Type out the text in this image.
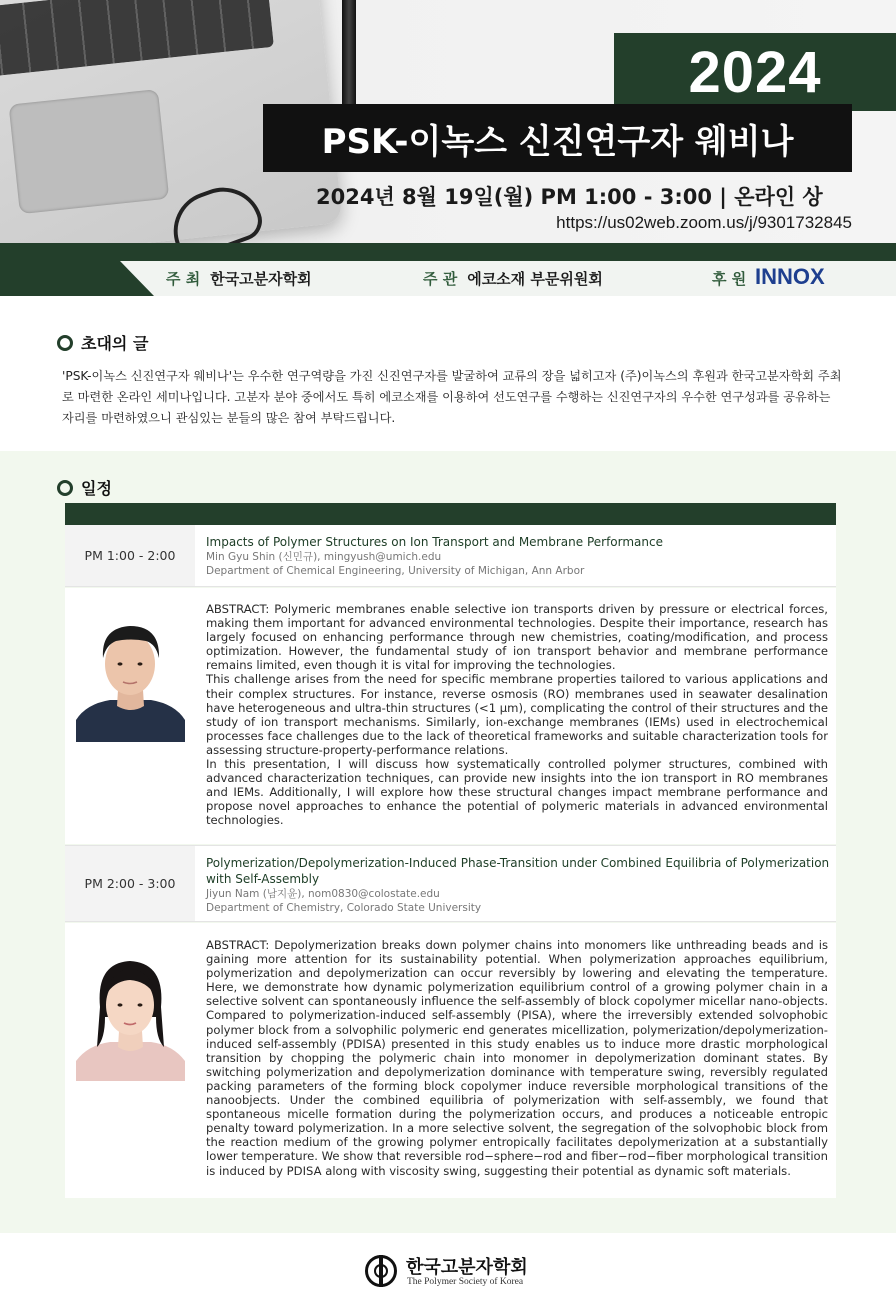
2024
PSK-이녹스 신진연구자 웨비나
2024년 8월 19일(월) PM 1:00 - 3:00 | 온라인 상
https://us02web.zoom.us/j/9301732845
주 최 한국고분자학회	주 관 에코소재 부문위원회	후 원 INNOX
초대의 글
'PSK-이녹스 신진연구자 웨비나'는 우수한 연구역량을 가진 신진연구자를 발굴하여 교류의 장을 넓히고자 (주)이녹스의 후원과 한국고분자학회 주최로 마련한 온라인 세미나입니다. 고분자 분야 중에서도 특히 에코소재를 이용하여 선도연구를 수행하는 신진연구자의 우수한 연구성과를 공유하는 자리를 마련하였으니 관심있는 분들의 많은 참여 부탁드립니다.
일정
PM 1:00 - 2:00
Impacts of Polymer Structures on Ion Transport and Membrane Performance
Min Gyu Shin (신민규), mingyush@umich.edu
Department of Chemical Engineering, University of Michigan, Ann Arbor

ABSTRACT: Polymeric membranes enable selective ion transports driven by pressure or electrical forces, making them important for advanced environmental technologies. Despite their importance, research has largely focused on enhancing performance through new chemistries, coating/modification, and process optimization. However, the fundamental study of ion transport behavior and membrane performance remains limited, even though it is vital for improving the technologies.

This challenge arises from the need for specific membrane properties tailored to various applications and their complex structures. For instance, reverse osmosis (RO) membranes used in seawater desalination have heterogeneous and ultra-thin structures (<1 μm), complicating the control of their structures and the study of ion transport mechanisms. Similarly, ion-exchange membranes (IEMs) used in electrochemical processes face challenges due to the lack of theoretical frameworks and suitable characterization tools for assessing structure-property-performance relations.

In this presentation, I will discuss how systematically controlled polymer structures, combined with advanced characterization techniques, can provide new insights into the ion transport in RO membranes and IEMs. Additionally, I will explore how these structural changes impact membrane performance and propose novel approaches to enhance the potential of polymeric materials in advanced environmental technologies.

PM 2:00 - 3:00
Polymerization/Depolymerization-Induced Phase-Transition under Combined Equilibria of Polymerization with Self-Assembly
Jiyun Nam (남지윤), nom0830@colostate.edu
Department of Chemistry, Colorado State University

ABSTRACT: Depolymerization breaks down polymer chains into monomers like unthreading beads and is gaining more attention for its sustainability potential. When polymerization approaches equilibrium, polymerization and depolymerization can occur reversibly by lowering and elevating the temperature. Here, we demonstrate how dynamic polymerization equilibrium control of a growing polymer chain in a selective solvent can spontaneously influence the self-assembly of block copolymer micellar nano-objects. Compared to polymerization-induced self-assembly (PISA), where the irreversibly extended solvophobic polymer block from a solvophilic polymeric end generates micellization, polymerization/depolymerization-induced self-assembly (PDISA) presented in this study enables us to induce more drastic morphological transition by chopping the polymeric chain into monomer in depolymerization dominant states. By switching polymerization and depolymerization dominance with temperature swing, reversibly regulated packing parameters of the forming block copolymer induce reversible morphological transitions of the nanoobjects. Under the combined equilibria of polymerization with self-assembly, we found that spontaneous micelle formation during the polymerization occurs, and produces a noticeable entropic penalty toward polymerization. In a more selective solvent, the segregation of the solvophobic block from the reaction medium of the growing polymer entropically facilitates depolymerization at a substantially lower temperature. We show that reversible rod−sphere−rod and fiber−rod−fiber morphological transition is induced by PDISA along with viscosity swing, suggesting their potential as dynamic soft materials.

한국고분자학회
The Polymer Society of Korea
